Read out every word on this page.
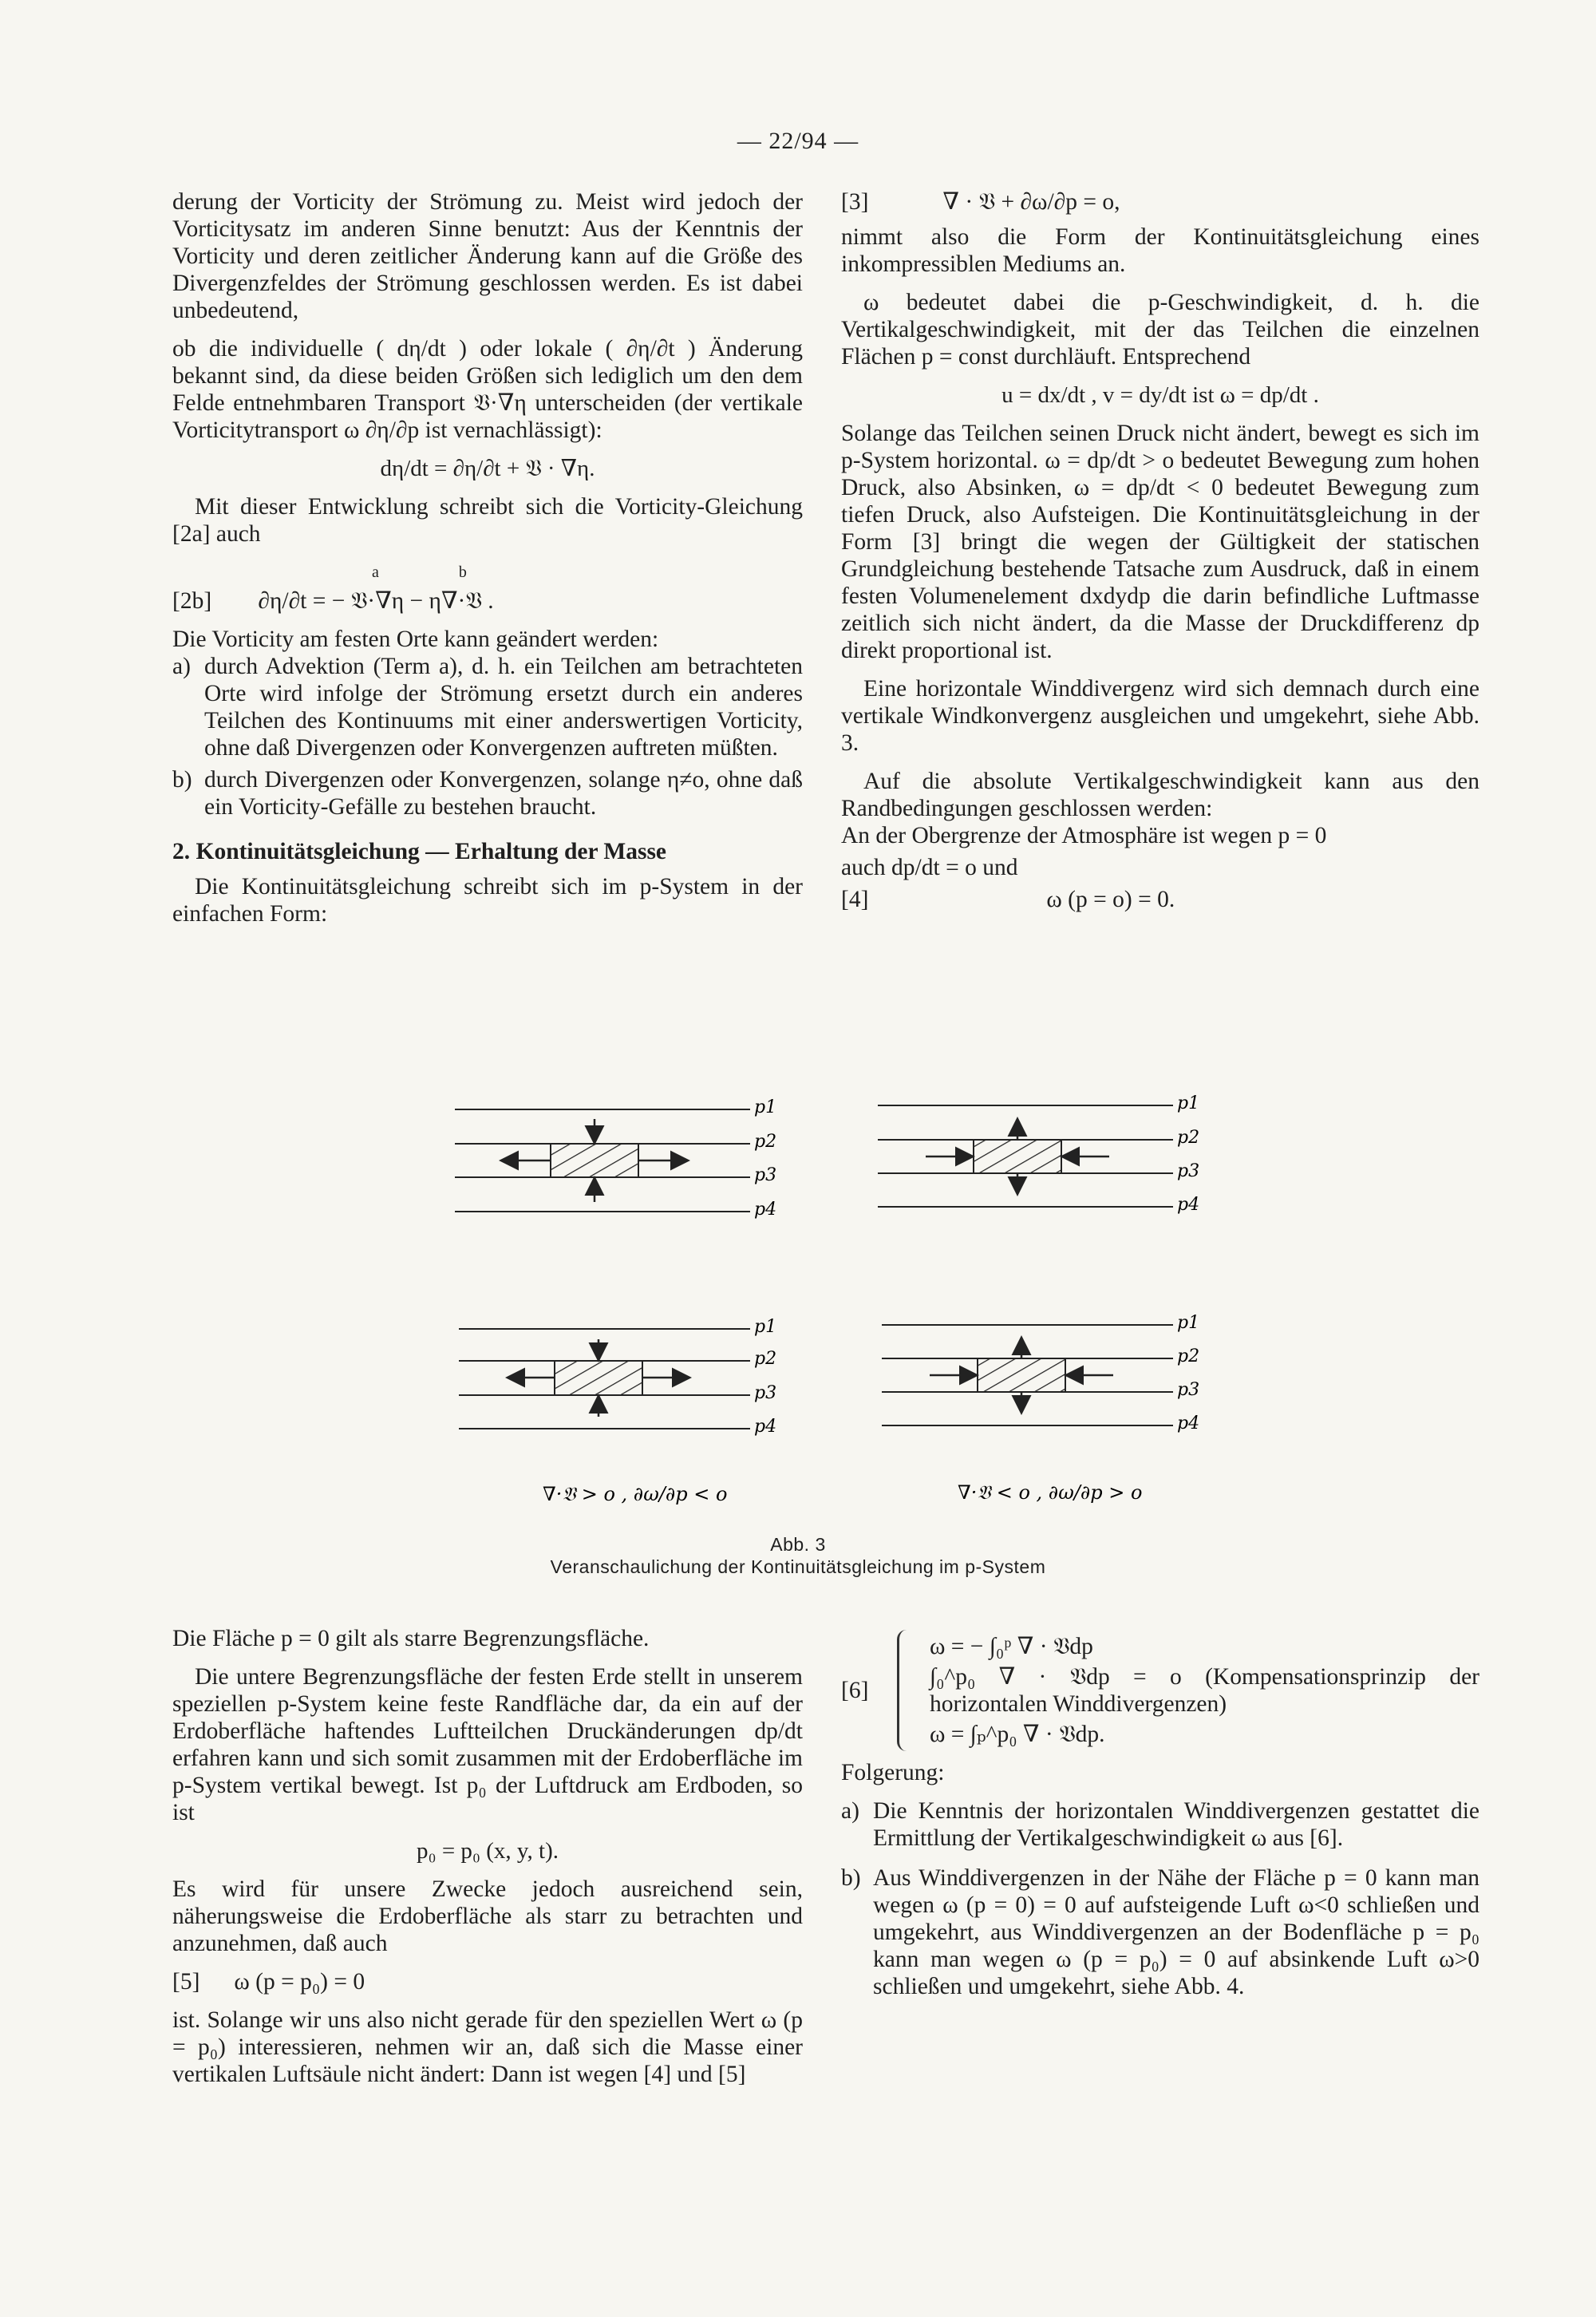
— 22/94 —

derung der Vorticity der Strömung zu. Meist wird jedoch der Vorticitysatz im anderen Sinne benutzt: Aus der Kenntnis der Vorticity und deren zeitlicher Änderung kann auf die Größe des Divergenzfeldes der Strömung geschlossen werden. Es ist dabei unbedeutend,

ob die individuelle ( dη/dt ) oder lokale ( ∂η/∂t ) Änderung bekannt sind, da diese beiden Größen sich lediglich um den dem Felde entnehmbaren Transport 𝔙·∇η unterscheiden (der vertikale Vorticitytransport ω ∂η/∂p ist vernachlässigt):

dη/dt = ∂η/∂t + 𝔙 · ∇η.

Mit dieser Entwicklung schreibt sich die Vorticity-Gleichung [2a] auch

a                    b
[2b] ∂η/∂t = − 𝔙·∇η − η∇·𝔙 .

Die Vorticity am festen Orte kann geändert werden:

a) durch Advektion (Term a), d. h. ein Teilchen am betrachteten Orte wird infolge der Strömung ersetzt durch ein anderes Teilchen des Kontinuums mit einer anderswertigen Vorticity, ohne daß Divergenzen oder Konvergenzen auftreten müßten.
b) durch Divergenzen oder Konvergenzen, solange η≠o, ohne daß ein Vorticity-Gefälle zu bestehen braucht.

2. Kontinuitätsgleichung — Erhaltung der Masse

Die Kontinuitätsgleichung schreibt sich im p-System in der einfachen Form:

[3]	∇ · 𝔙 + ∂ω/∂p = o,

nimmt also die Form der Kontinuitätsgleichung eines inkompressiblen Mediums an.

ω bedeutet dabei die p-Geschwindigkeit, d. h. die Vertikalgeschwindigkeit, mit der das Teilchen die einzelnen Flächen p = const durchläuft. Entsprechend

u = dx/dt , v = dy/dt ist ω = dp/dt .

Solange das Teilchen seinen Druck nicht ändert, bewegt es sich im p-System horizontal. ω = dp/dt > o bedeutet Bewegung zum hohen Druck, also Absinken, ω = dp/dt < 0 bedeutet Bewegung zum tiefen Druck, also Aufsteigen. Die Kontinuitätsgleichung in der Form [3] bringt die wegen der Gültigkeit der statischen Grundgleichung bestehende Tatsache zum Ausdruck, daß in einem festen Volumenelement dxdydp die darin befindliche Luftmasse zeitlich sich nicht ändert, da die Masse der Druckdifferenz dp direkt proportional ist.

Eine horizontale Winddivergenz wird sich demnach durch eine vertikale Windkonvergenz ausgleichen und umgekehrt, siehe Abb. 3.

Auf die absolute Vertikalgeschwindigkeit kann aus den Randbedingungen geschlossen werden:

An der Obergrenze der Atmosphäre ist wegen p = 0

auch dp/dt = o und

[4]	ω (p = o) = 0.
p1
p2
p3
p4
p1
p2
p3
p4
p1
p2
p3
p4
∇·𝔙 > o , ∂ω/∂p < o
p1
p2
p3
p4
∇·𝔙 < o , ∂ω/∂p > o
Abb. 3
Veranschaulichung der Kontinuitätsgleichung im p-System

Die Fläche p = 0 gilt als starre Begrenzungsfläche.

Die untere Begrenzungsfläche der festen Erde stellt in unserem speziellen p-System keine feste Randfläche dar, da ein auf der Erdoberfläche haftendes Luftteilchen Druckänderungen dp/dt erfahren kann und sich somit zusammen mit der Erdoberfläche im p-System vertikal bewegt. Ist p₀ der Luftdruck am Erdboden, so ist

p₀ = p₀ (x, y, t).

Es wird für unsere Zwecke jedoch ausreichend sein, näherungsweise die Erdoberfläche als starr zu betrachten und anzunehmen, daß auch

[5] ω (p = p₀) = 0

ist. Solange wir uns also nicht gerade für den speziellen Wert ω (p = p₀) interessieren, nehmen wir an, daß sich die Masse einer vertikalen Luftsäule nicht ändert: Dann ist wegen [4] und [5]

[6]
ω = − ∫₀ᵖ ∇ · 𝔙dp
∫₀^p₀ ∇ · 𝔙dp = o (Kompensationsprinzip der horizontalen Winddivergenzen)
ω = ∫ₚ^p₀ ∇ · 𝔙dp.

Folgerung:

a) Die Kenntnis der horizontalen Winddivergenzen gestattet die Ermittlung der Vertikalgeschwindigkeit ω aus [6].
b) Aus Winddivergenzen in der Nähe der Fläche p = 0 kann man wegen ω (p = 0) = 0 auf aufsteigende Luft ω<0 schließen und umgekehrt, aus Winddivergenzen an der Bodenfläche p = p₀ kann man wegen ω (p = p₀) = 0 auf absinkende Luft ω>0 schließen und umgekehrt, siehe Abb. 4.
